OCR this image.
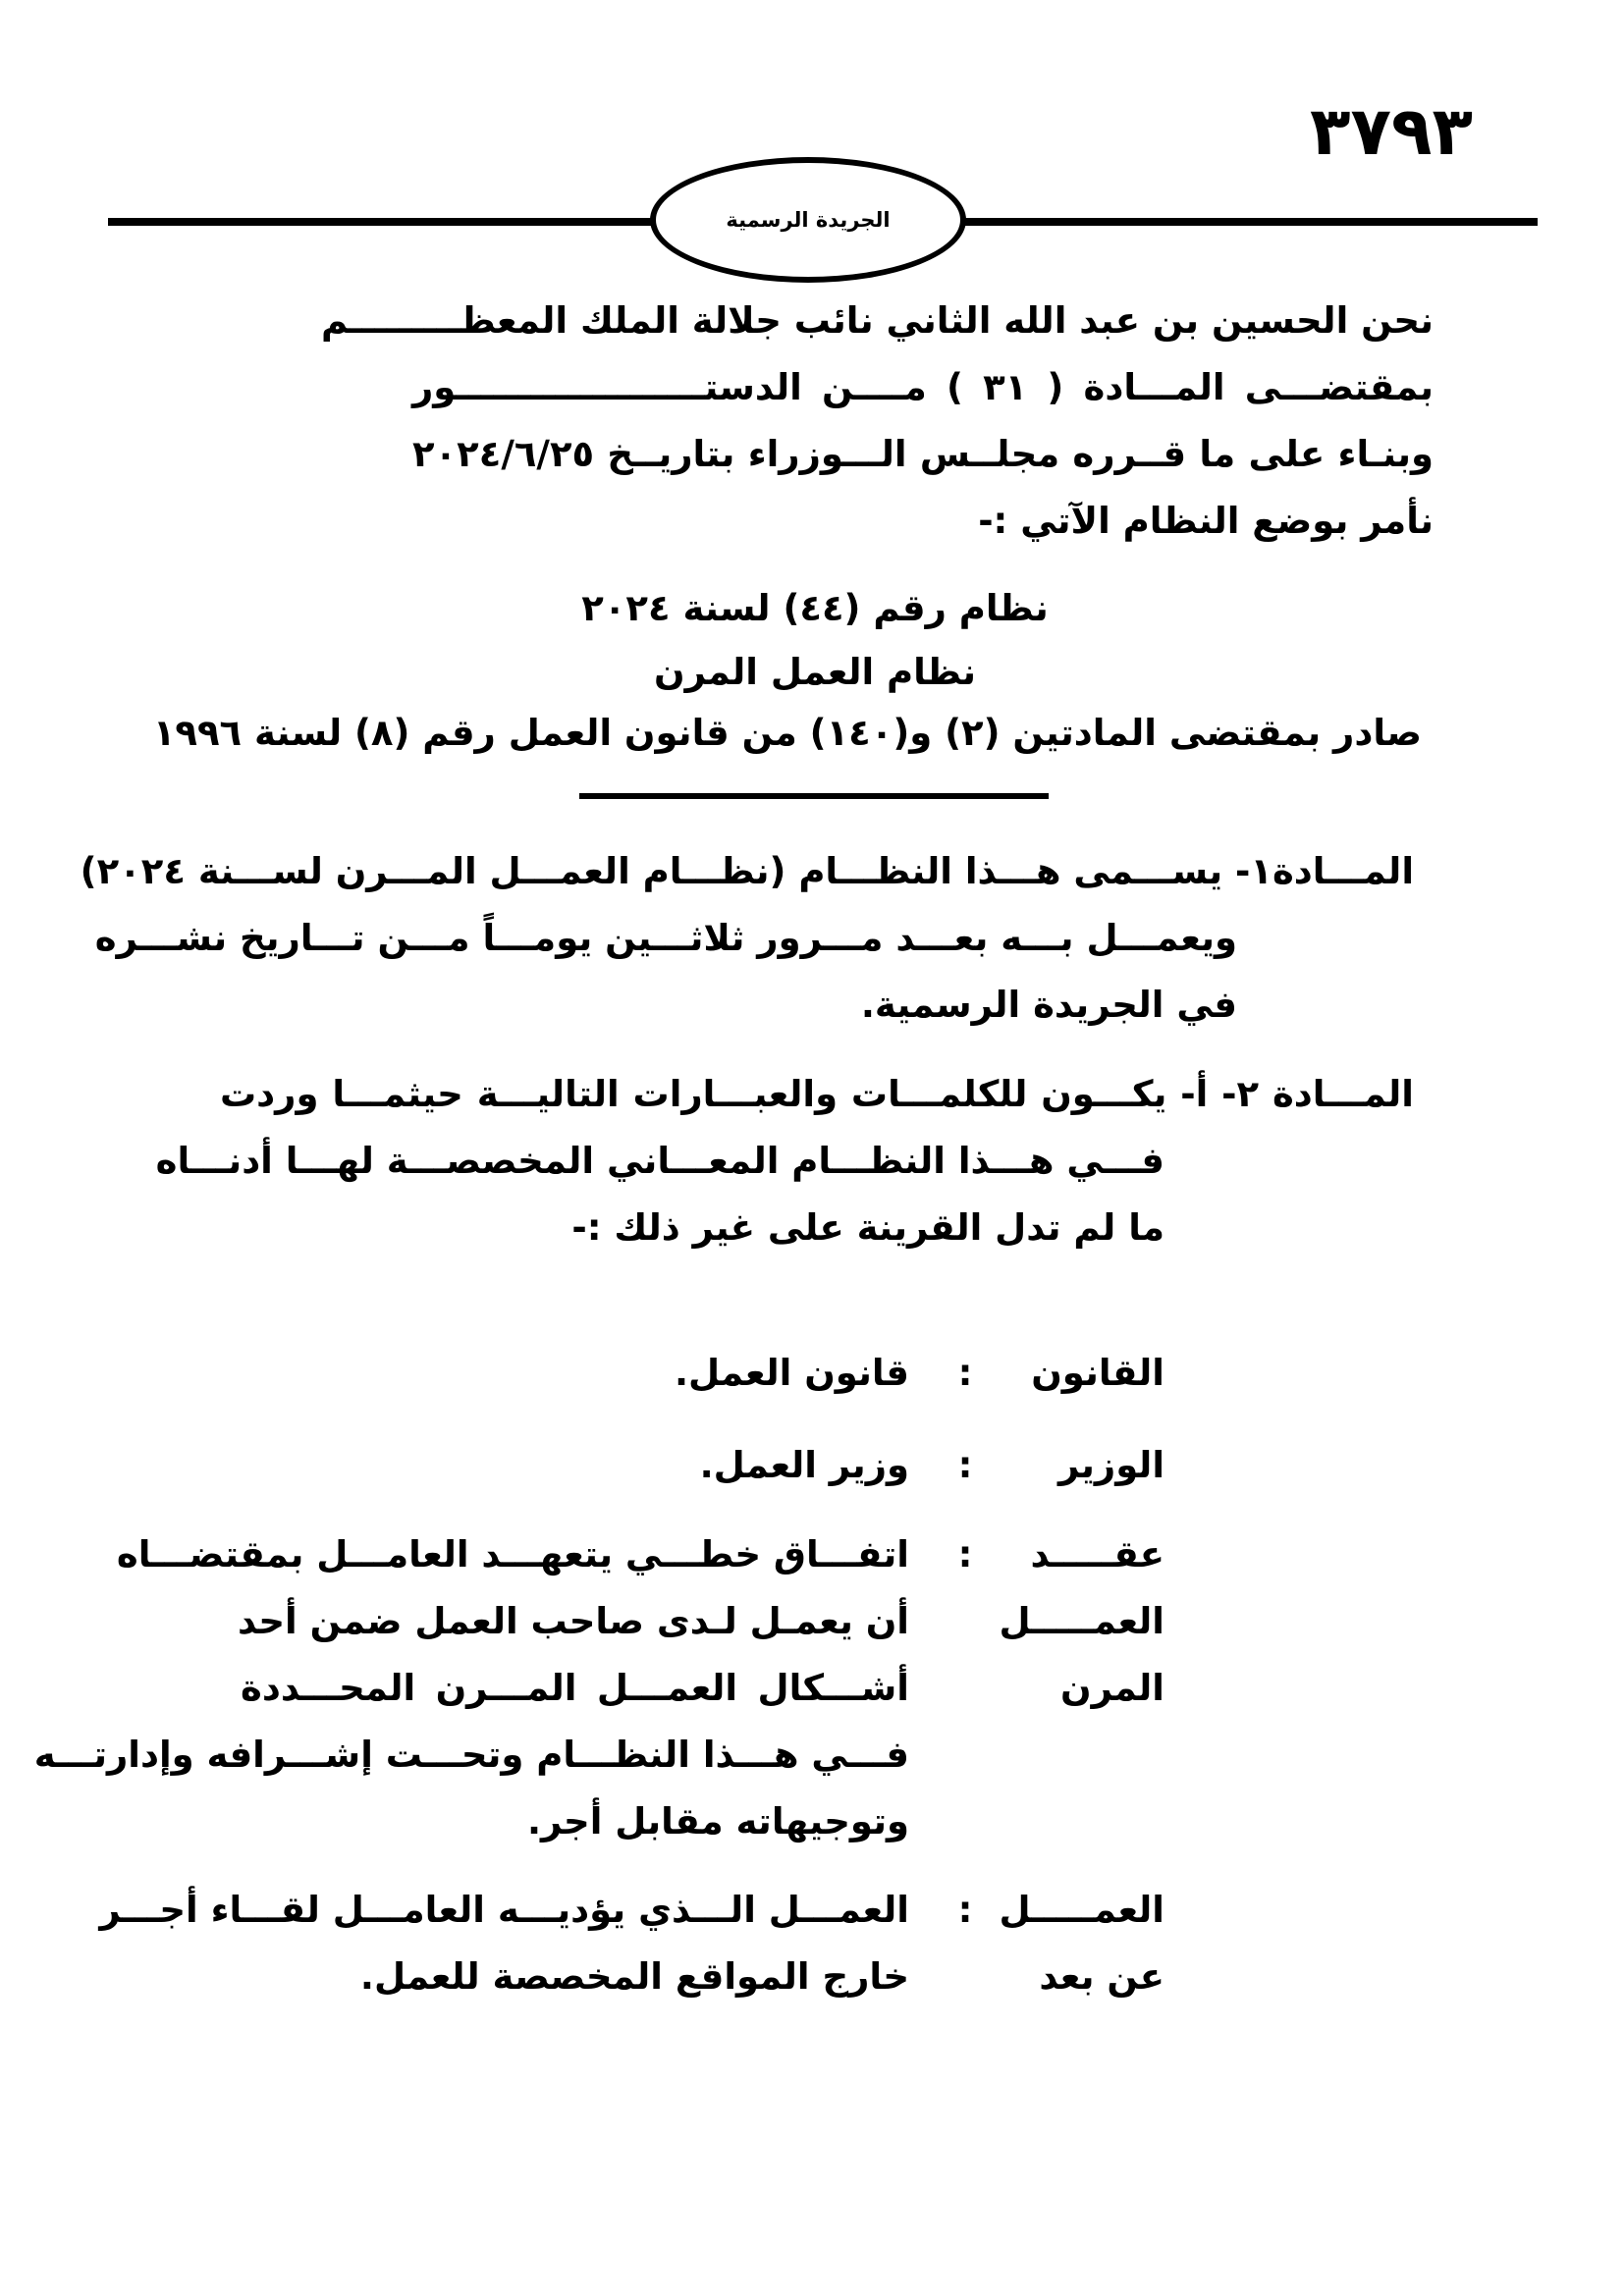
٣٧٩٣
الجريدة الرسمية
نحن الحسين بن عبد الله الثاني نائب جلالة الملك المعظـــــــــم
بمقتضـــى المـــادة ( ٣١ ) مــــن الدستــــــــــــــــــــور
وبنـاء على ما قــرره مجلــس الـــوزراء بتاريــخ ٢٠٢٤/٦/٢٥
نأمر بوضع النظام الآتي :-
نظام رقم (٤٤) لسنة ٢٠٢٤
نظام العمل المرن
صادر بمقتضى المادتين (٢) و(١٤٠) من قانون العمل رقم (٨) لسنة ١٩٩٦
المـــادة١- يســـمى هـــذا النظـــام (نظـــام العمـــل المـــرن لســـنة ٢٠٢٤)
ويعمـــل بـــه بعـــد مـــرور ثلاثـــين يومـــاً مـــن تـــاريخ نشـــره
في الجريدة الرسمية.
المـــادة ٢- أ- يكـــون للكلمـــات والعبـــارات التاليـــة حيثمـــا وردت
فـــي هـــذا النظـــام المعـــاني المخصصـــة لهـــا أدنـــاه
ما لم تدل القرينة على غير ذلك :-
القانون
:
قانون العمل.
الوزير
:
وزير العمل.
عقـــــد
العمـــــل
المرن
:
اتفـــاق خطـــي يتعهـــد العامـــل بمقتضـــاه
أن يعمـل لـدى صاحب العمل ضمن أحد
أشـــكال العمـــل المـــرن المحـــددة
فـــي هـــذا النظـــام وتحـــت إشـــرافه وإدارتـــه
وتوجيهاته مقابل أجر.
العمـــــل
عن بعد
:
العمـــل الـــذي يؤديـــه العامـــل لقـــاء أجـــر
خارج المواقع المخصصة للعمل.
